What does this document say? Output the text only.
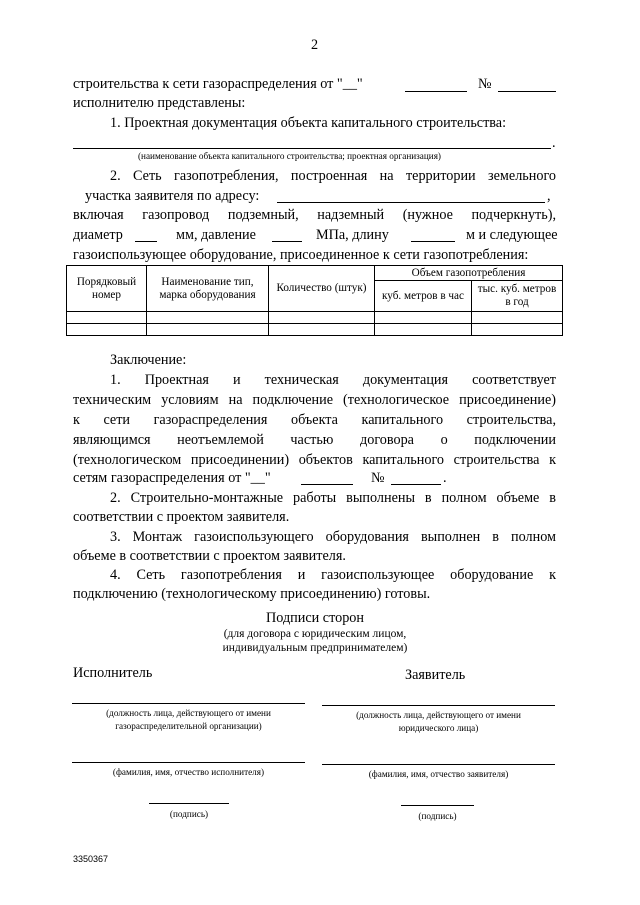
2
строительства к сети газораспределения от "__"	№
исполнителю представлены:
1. Проектная документация объекта капитального строительства:
.
(наименование объекта капитального строительства; проектная организация)
2. Сеть газопотребления, построенная на территории земельного
участка заявителя по адресу:	,
включая газопровод подземный, надземный (нужное подчеркнуть),
диаметр	мм, давление	МПа, длину	м и следующее
газоиспользующее оборудование, присоединенное к сети газопотребления:
Порядковый номер	Наименование тип, марка оборудования	Количество (штук)	Объем газопотребления	
			куб. метров в час	тыс. куб. метров в год

Заключение:
1. Проектная и техническая документация соответствует
техническим условиям на подключение (технологическое присоединение)
к сети газораспределения объекта капитального строительства,
являющимся неотъемлемой частью договора о подключении
(технологическом присоединении) объектов капитального строительства к
сетям газораспределения от "__"	№	.
2. Строительно-монтажные работы выполнены в полном объеме в
соответствии с проектом заявителя.
3. Монтаж газоиспользующего оборудования выполнен в полном
объеме в соответствии с проектом заявителя.
4. Сеть газопотребления и газоиспользующее оборудование к
подключению (технологическому присоединению) готовы.
Подписи сторон
(для договора с юридическим лицом,
индивидуальным предпринимателем)
Исполнитель	Заявитель
(должность лица, действующего от имени
газораспределительной организации)
(должность лица, действующего от имени
юридического лица)
(фамилия, имя, отчество исполнителя)	(фамилия, имя, отчество заявителя)
(подпись)	(подпись)
3350367
